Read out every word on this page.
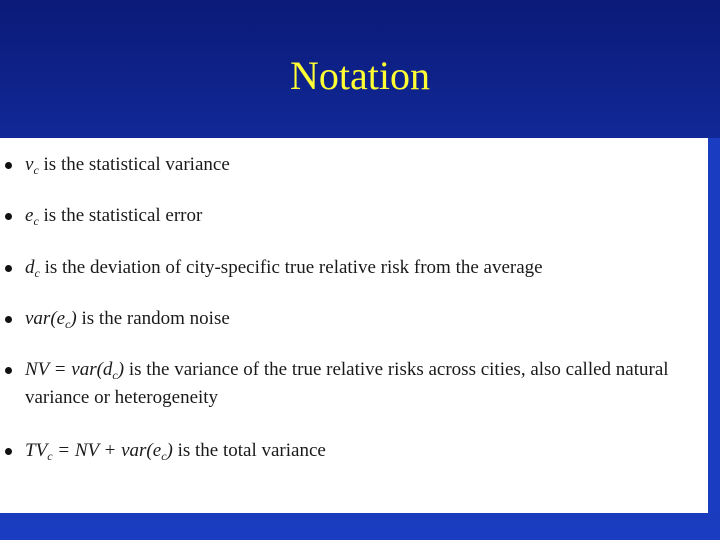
Notation
$v_c$ is the statistical variance
$e_c$ is the statistical error
$d_c$ is the deviation of city-specific true relative risk from the average
$var(e_c)$ is the random noise
NV = $var(d_c)$ is the variance of the true relative risks across cities, also called natural
variance or heterogeneity
$TV_c$ = NV + $var(e_c)$ is the total variance
